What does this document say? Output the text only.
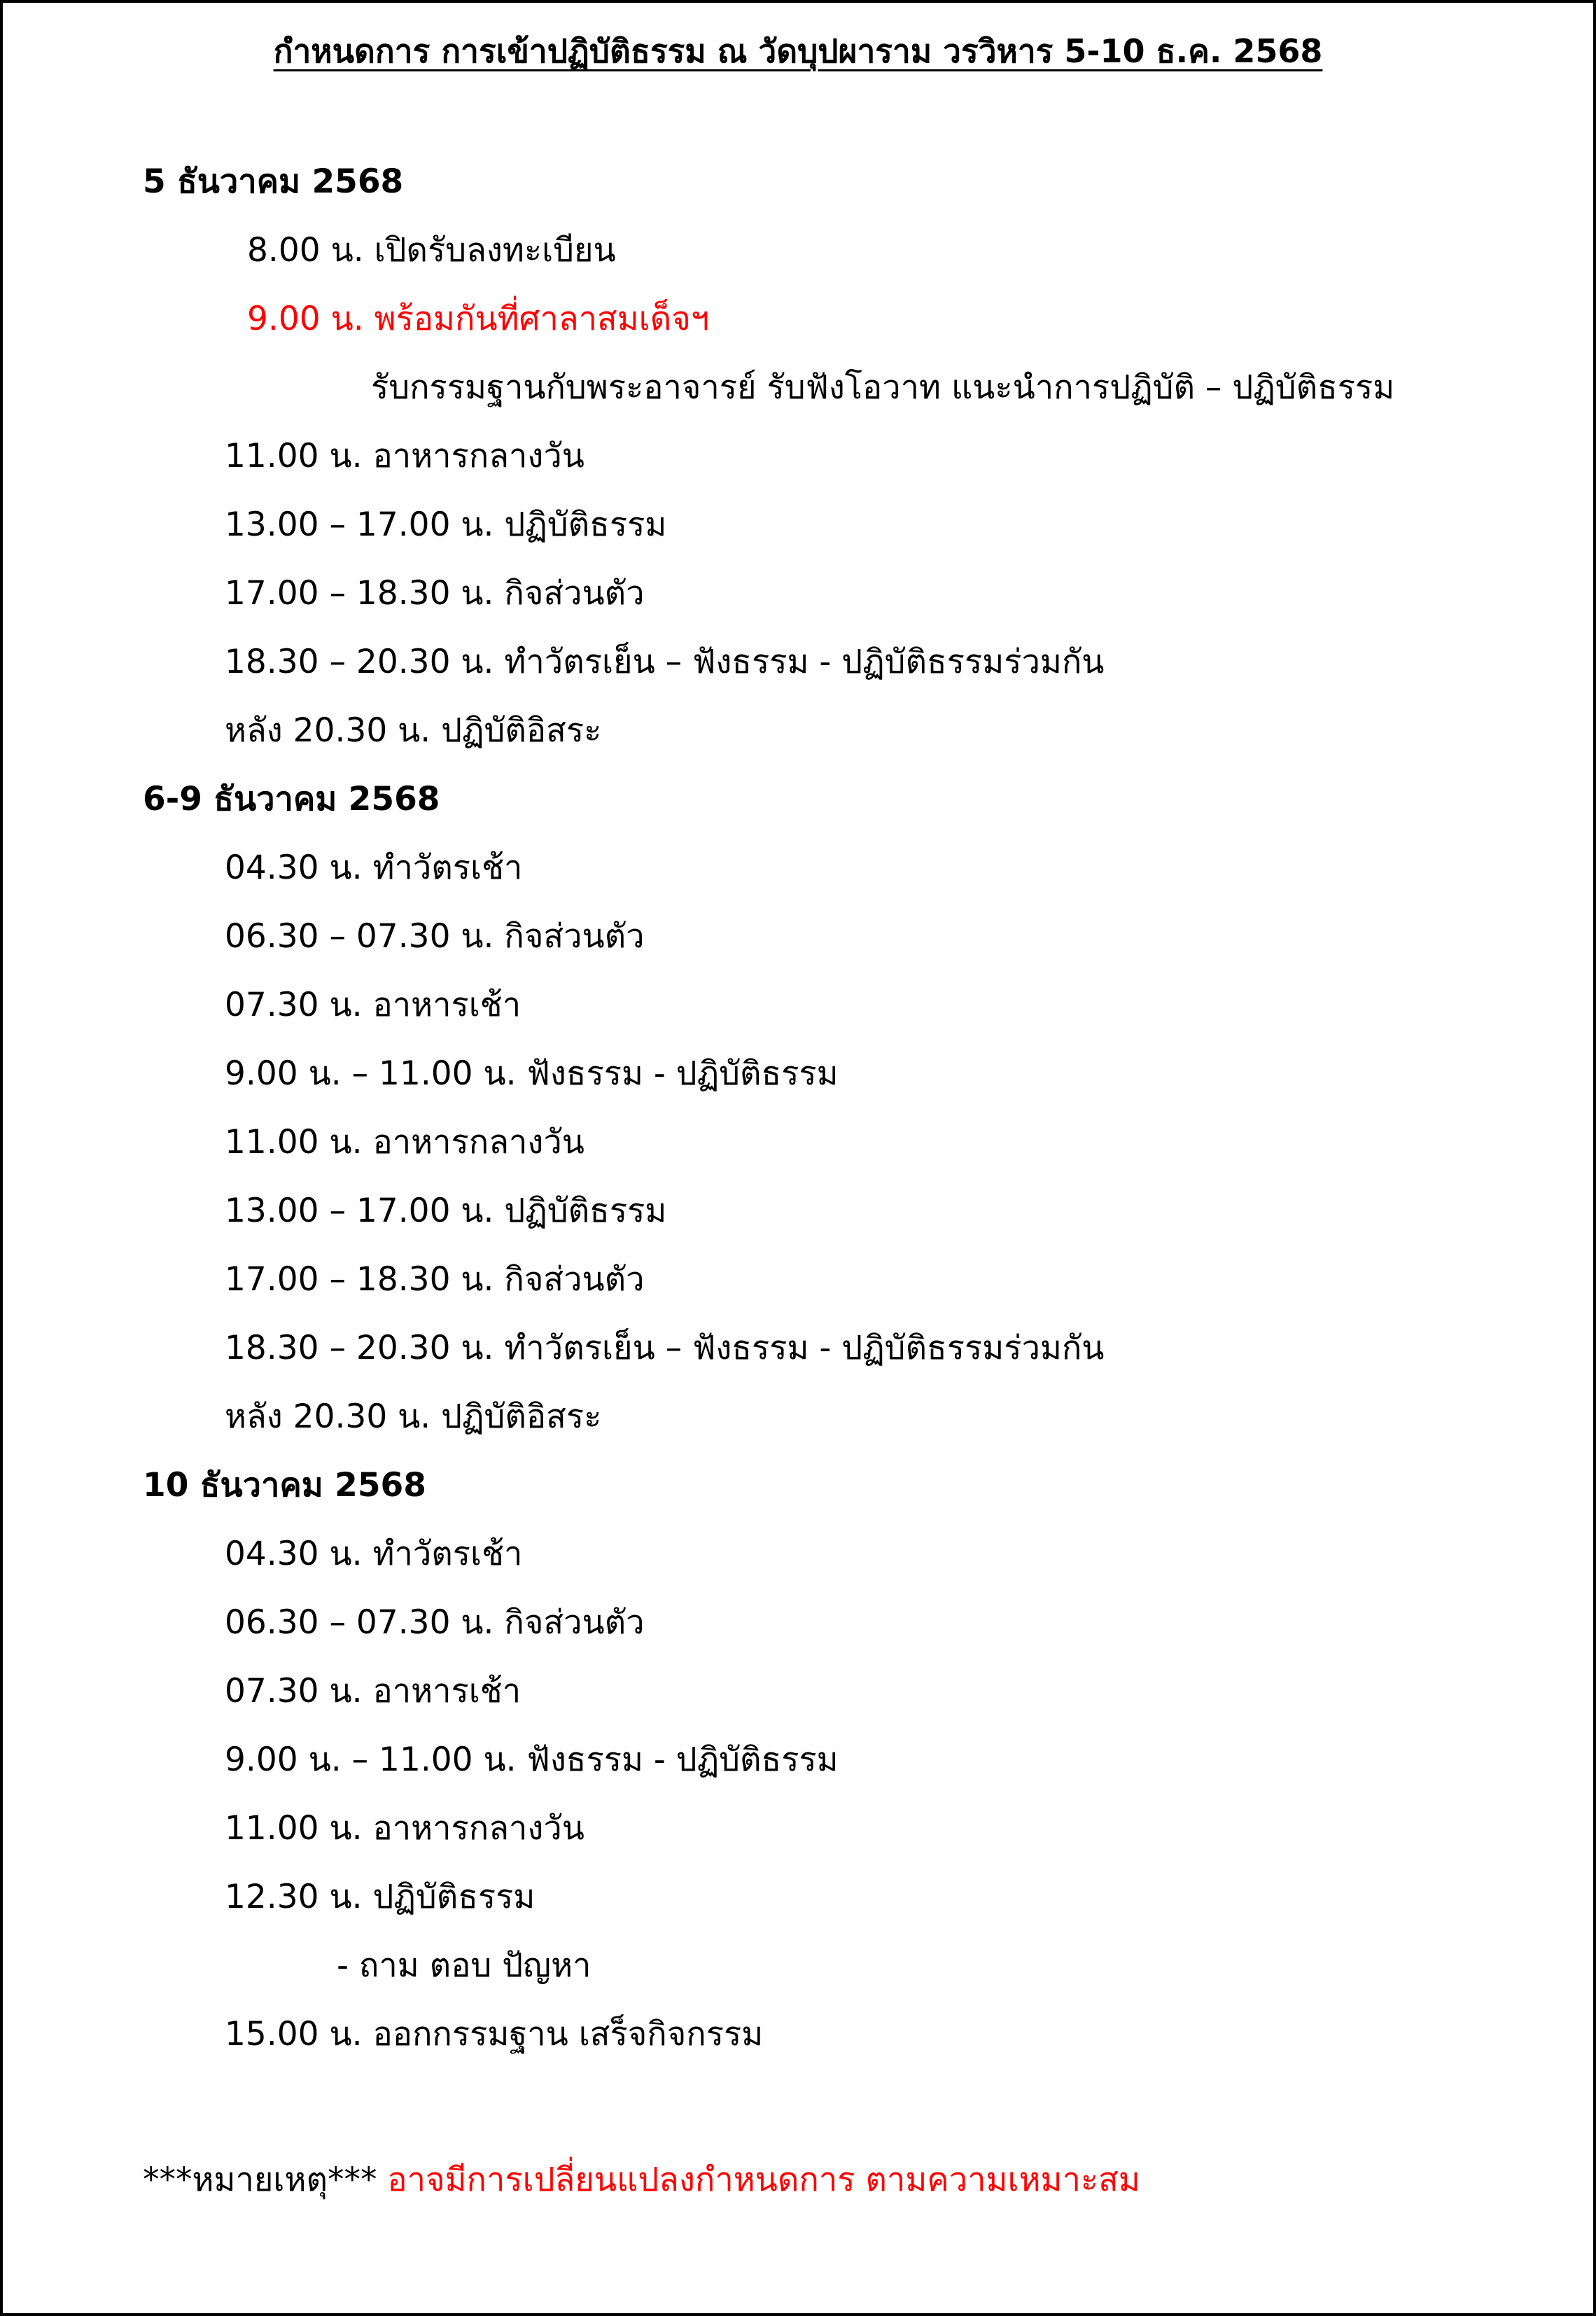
กำหนดการ การเข้าปฏิบัติธรรม ณ วัดบุปผาราม วรวิหาร 5-10 ธ.ค. 2568
5 ธันวาคม 2568
8.00 น. เปิดรับลงทะเบียน
9.00 น. พร้อมกันที่ศาลาสมเด็จฯ
รับกรรมฐานกับพระอาจารย์ รับฟังโอวาท แนะนำการปฏิบัติ – ปฏิบัติธรรม
11.00 น. อาหารกลางวัน
13.00 – 17.00 น. ปฏิบัติธรรม
17.00 – 18.30 น. กิจส่วนตัว
18.30 – 20.30 น. ทำวัตรเย็น – ฟังธรรม - ปฏิบัติธรรมร่วมกัน
หลัง 20.30 น. ปฏิบัติอิสระ
6-9 ธันวาคม 2568
04.30 น. ทำวัตรเช้า
06.30 – 07.30 น. กิจส่วนตัว
07.30 น. อาหารเช้า
9.00 น. – 11.00 น. ฟังธรรม - ปฏิบัติธรรม
11.00 น. อาหารกลางวัน
13.00 – 17.00 น. ปฏิบัติธรรม
17.00 – 18.30 น. กิจส่วนตัว
18.30 – 20.30 น. ทำวัตรเย็น – ฟังธรรม - ปฏิบัติธรรมร่วมกัน
หลัง 20.30 น. ปฏิบัติอิสระ
10 ธันวาคม 2568
04.30 น. ทำวัตรเช้า
06.30 – 07.30 น. กิจส่วนตัว
07.30 น. อาหารเช้า
9.00 น. – 11.00 น. ฟังธรรม - ปฏิบัติธรรม
11.00 น. อาหารกลางวัน
12.30 น. ปฏิบัติธรรม
- ถาม ตอบ ปัญหา
15.00 น. ออกกรรมฐาน เสร็จกิจกรรม
***หมายเหตุ*** อาจมีการเปลี่ยนแปลงกำหนดการ ตามความเหมาะสม
